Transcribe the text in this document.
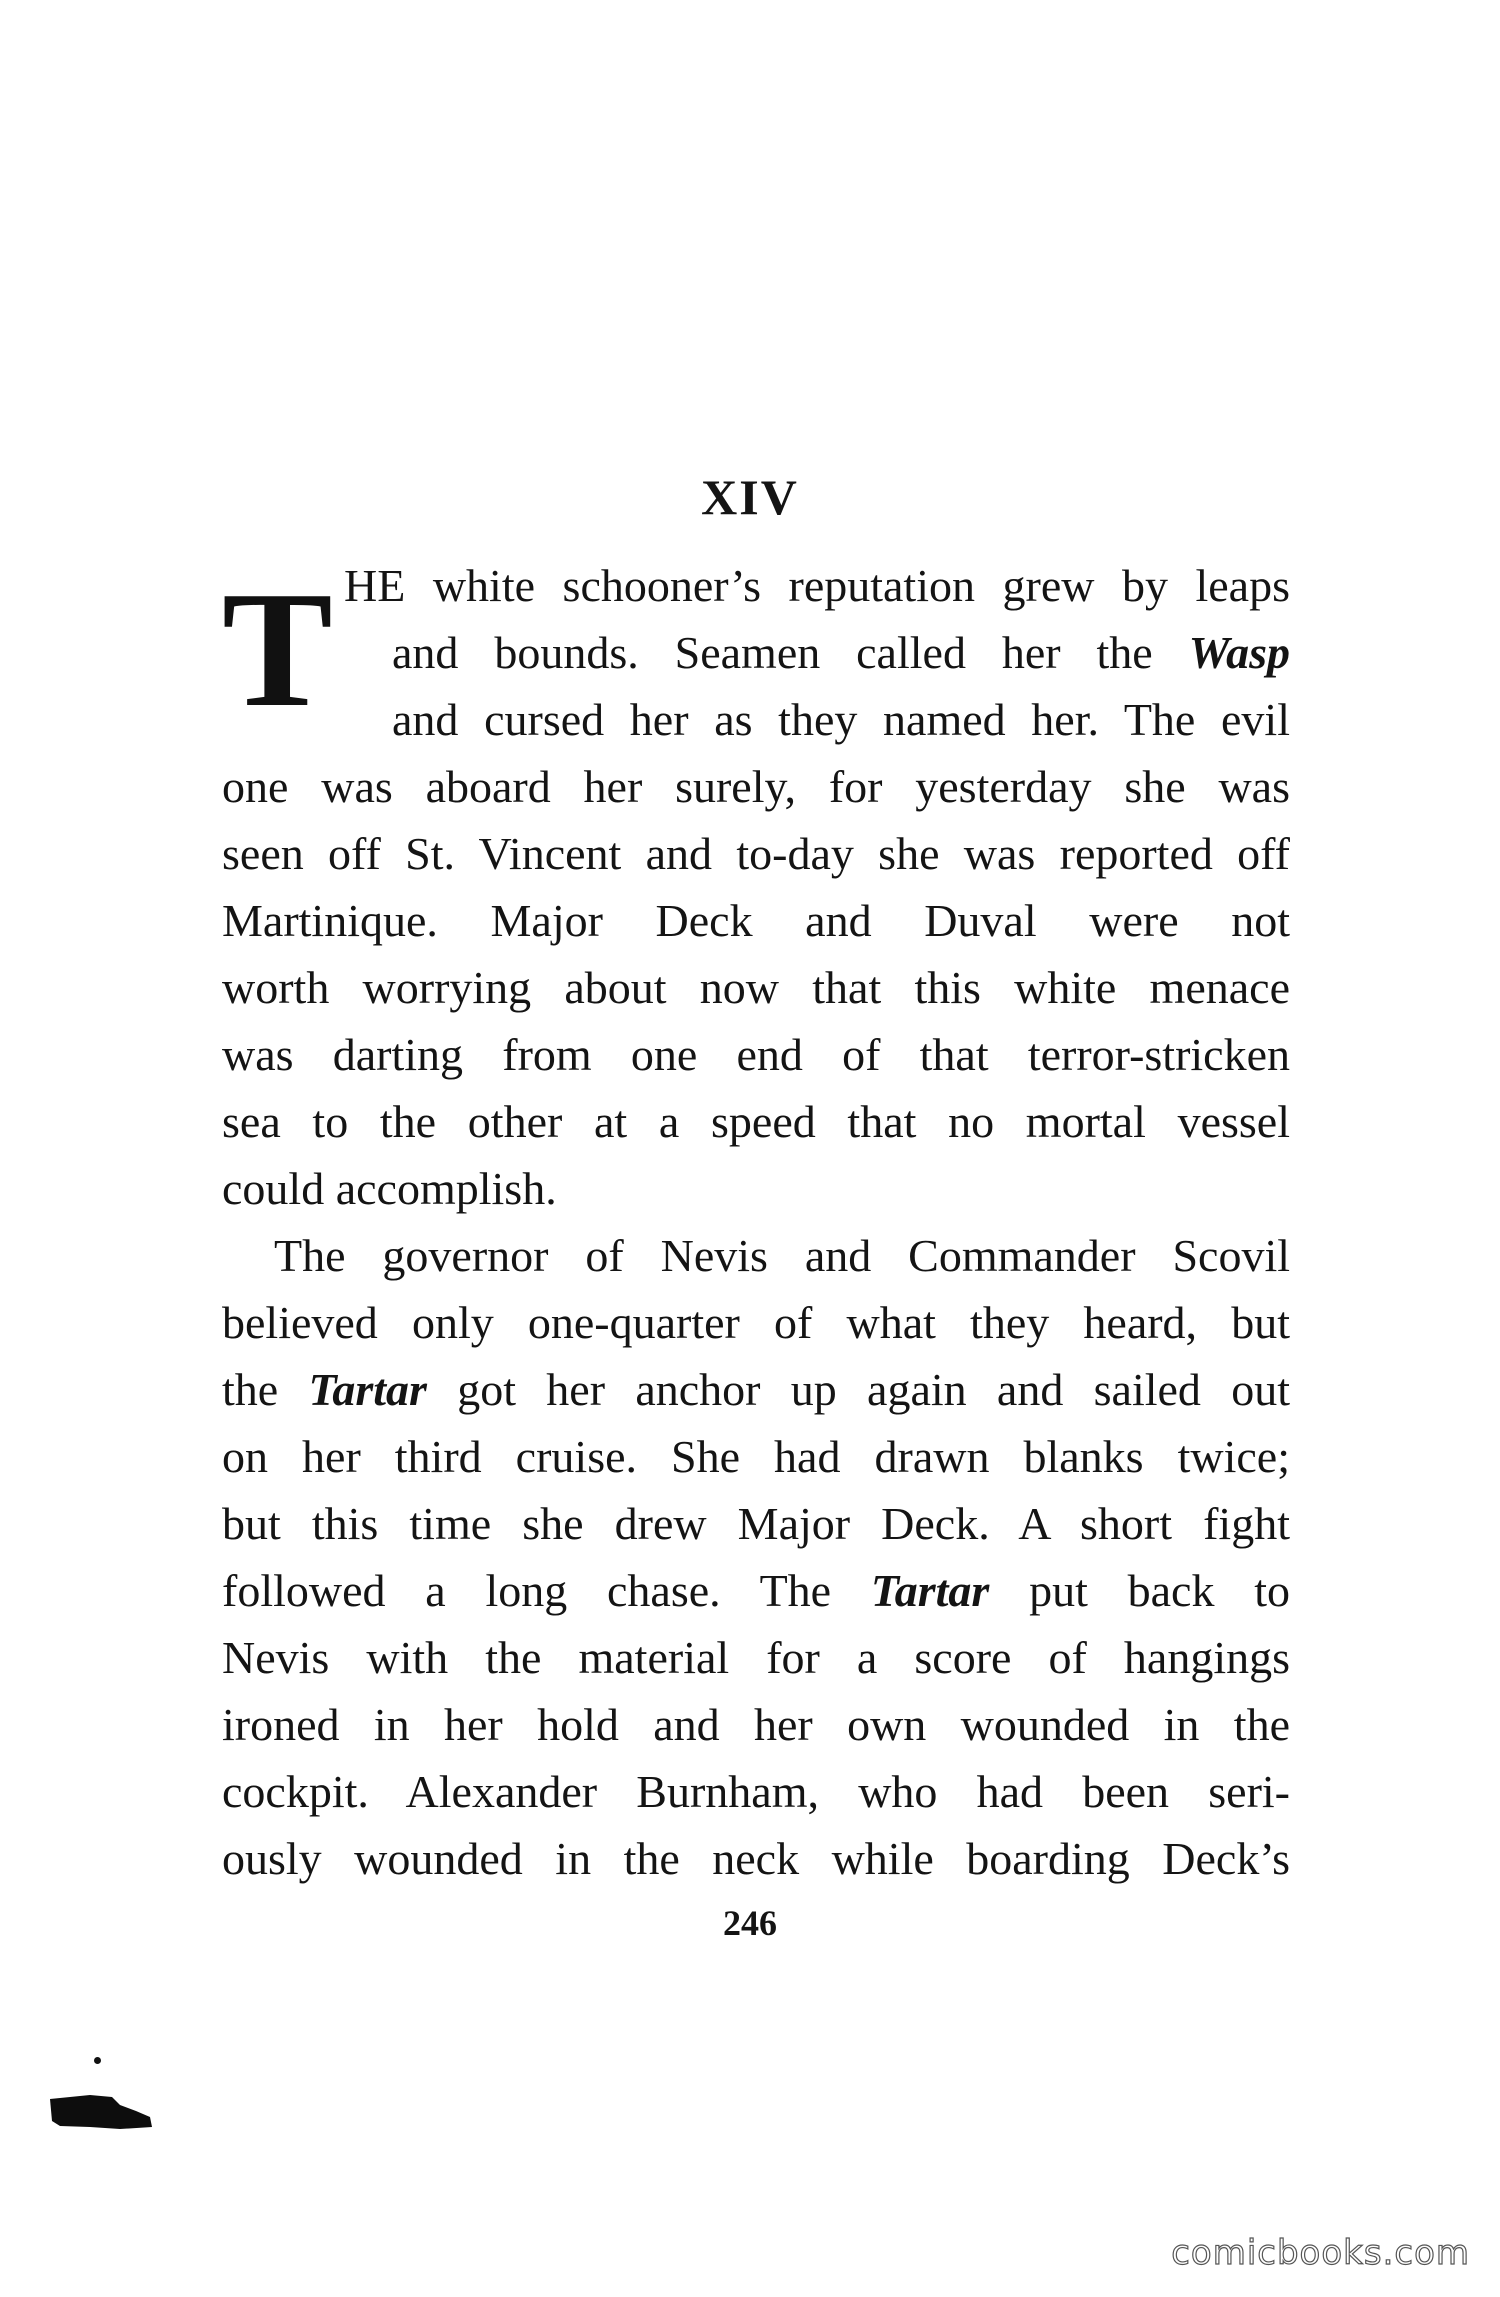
XIV
T HE white schooner’s reputation grew by leaps
and bounds. Seamen called her the Wasp
and cursed her as they named her. The evil
one was aboard her surely, for yesterday she was
seen off St. Vincent and to-day she was reported off
Martinique. Major Deck and Duval were not
worth worrying about now that this white menace
was darting from one end of that terror-stricken
sea to the other at a speed that no mortal vessel
could accomplish.
The governor of Nevis and Commander Scovil
believed only one-quarter of what they heard, but
the Tartar got her anchor up again and sailed out
on her third cruise. She had drawn blanks twice;
but this time she drew Major Deck. A short fight
followed a long chase. The Tartar put back to
Nevis with the material for a score of hangings
ironed in her hold and her own wounded in the
cockpit. Alexander Burnham, who had been seri-
ously wounded in the neck while boarding Deck’s
246
comicbooks.com
